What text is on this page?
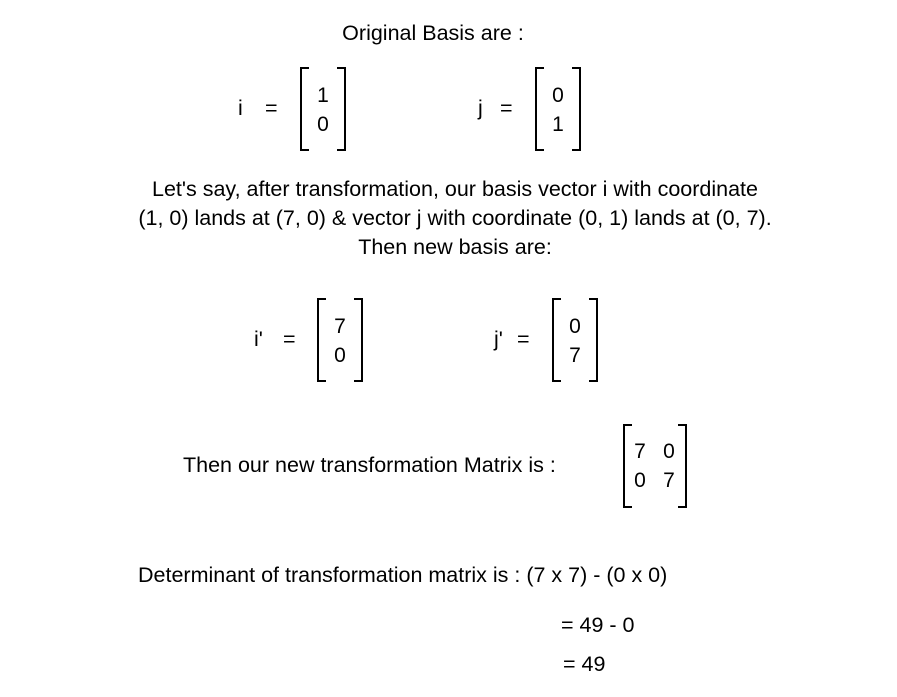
Original Basis are :
i =
1
0
j =
0
1
Let's say, after transformation, our basis vector i with coordinate
(1, 0) lands at (7, 0) & vector j with coordinate (0, 1) lands at (0, 7).
Then new basis are:
i' =
7
0
j' =
0
7
Then our new transformation Matrix is :
7 0
0 7
Determinant of transformation matrix is : (7 x 7) - (0 x 0)
= 49 - 0
= 49
